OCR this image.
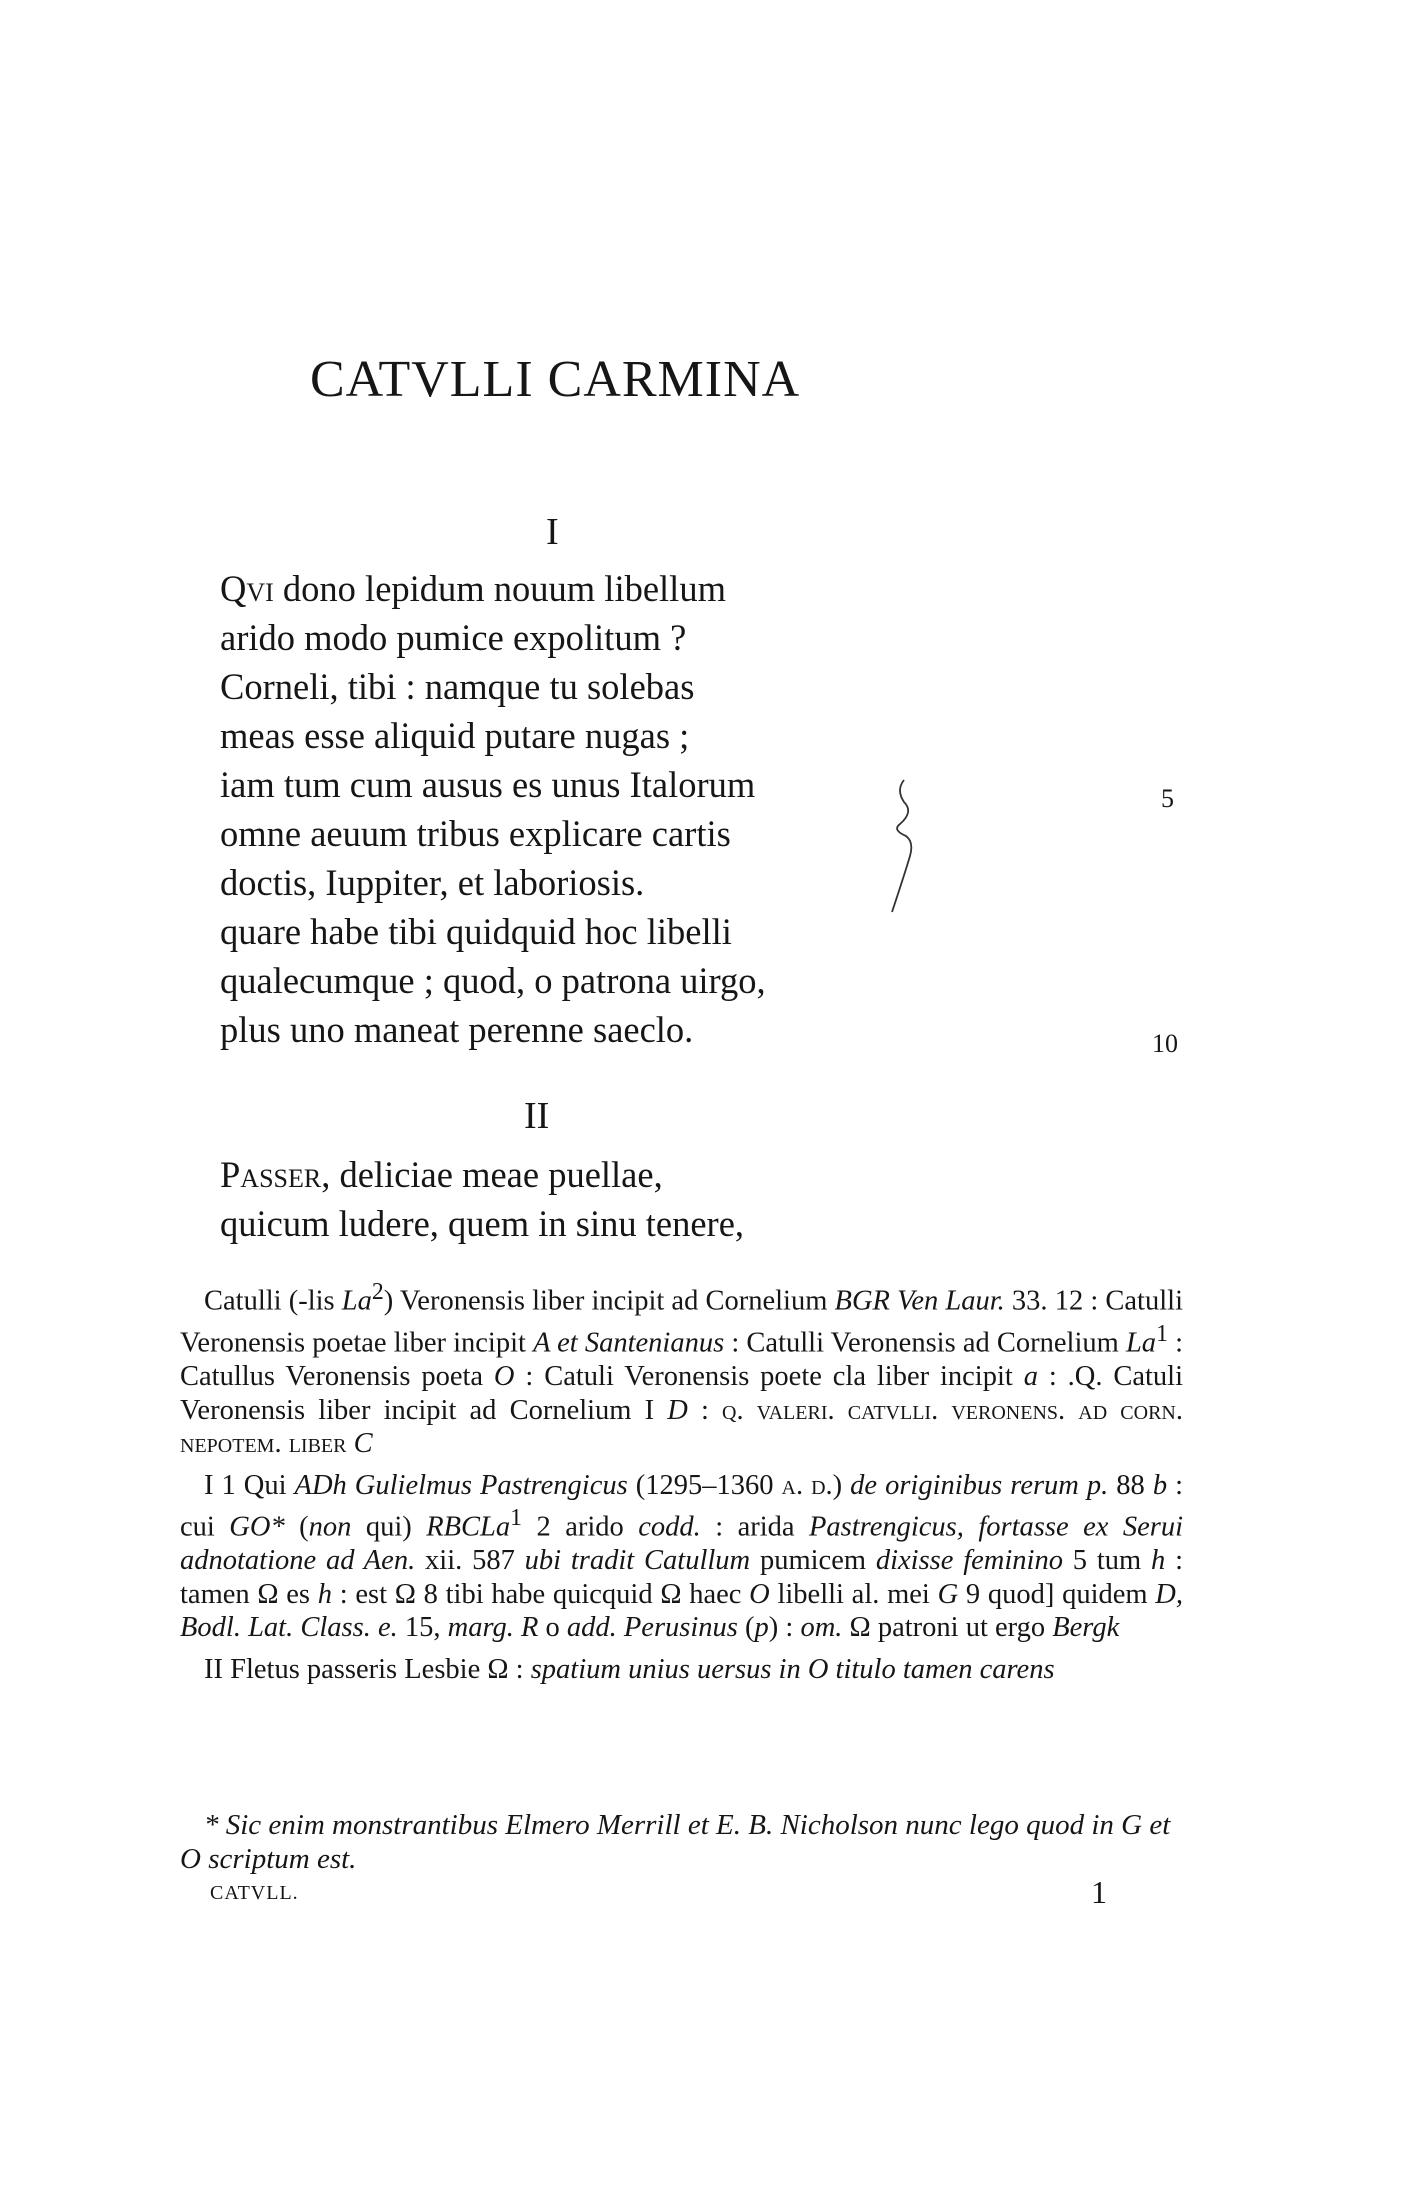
CATVLLI CARMINA
I
Qvi dono lepidum nouum libellum
arido modo pumice expolitum ?
Corneli, tibi : namque tu solebas
meas esse aliquid putare nugas ;
iam tum cum ausus es unus Italorum
omne aeuum tribus explicare cartis
doctis, Iuppiter, et laboriosis.
quare habe tibi quidquid hoc libelli
qualecumque ; quod, o patrona uirgo,
plus uno maneat perenne saeclo.
5
10
II
Passer, deliciae meae puellae,
quicum ludere, quem in sinu tenere,

Catulli (-lis La$^2$) Veronensis liber incipit ad Cornelium BGR Ven Laur. 33. 12 : Catulli Veronensis poetae liber incipit A et Santenianus : Catulli Veronensis ad Cornelium La$^1$ : Catullus Veronensis poeta O : Catuli Veronensis poete cla liber incipit a : .Q. Catuli Veronensis liber incipit ad Cornelium I D : q. valeri. catvlli. veronens. ad corn. nepotem. liber C

I 1 Qui ADh Gulielmus Pastrengicus (1295–1360 a. d.) de originibus rerum p. 88 b : cui GO* (non qui) RBCLa$^1$ 2 arido codd. : arida Pastrengicus, fortasse ex Serui adnotatione ad Aen. xii. 587 ubi tradit Catullum pumicem dixisse feminino 5 tum h : tamen Ω es h : est Ω 8 tibi habe quicquid Ω haec O libelli al. mei G 9 quod] quidem D, Bodl. Lat. Class. e. 15, marg. R o add. Perusinus (p) : om. Ω patroni ut ergo Bergk

II Fletus passeris Lesbie Ω : spatium unius uersus in O titulo tamen carens

* Sic enim monstrantibus Elmero Merrill et E. B. Nicholson nunc lego quod in G et O scriptum est.
CATVLL.	1
